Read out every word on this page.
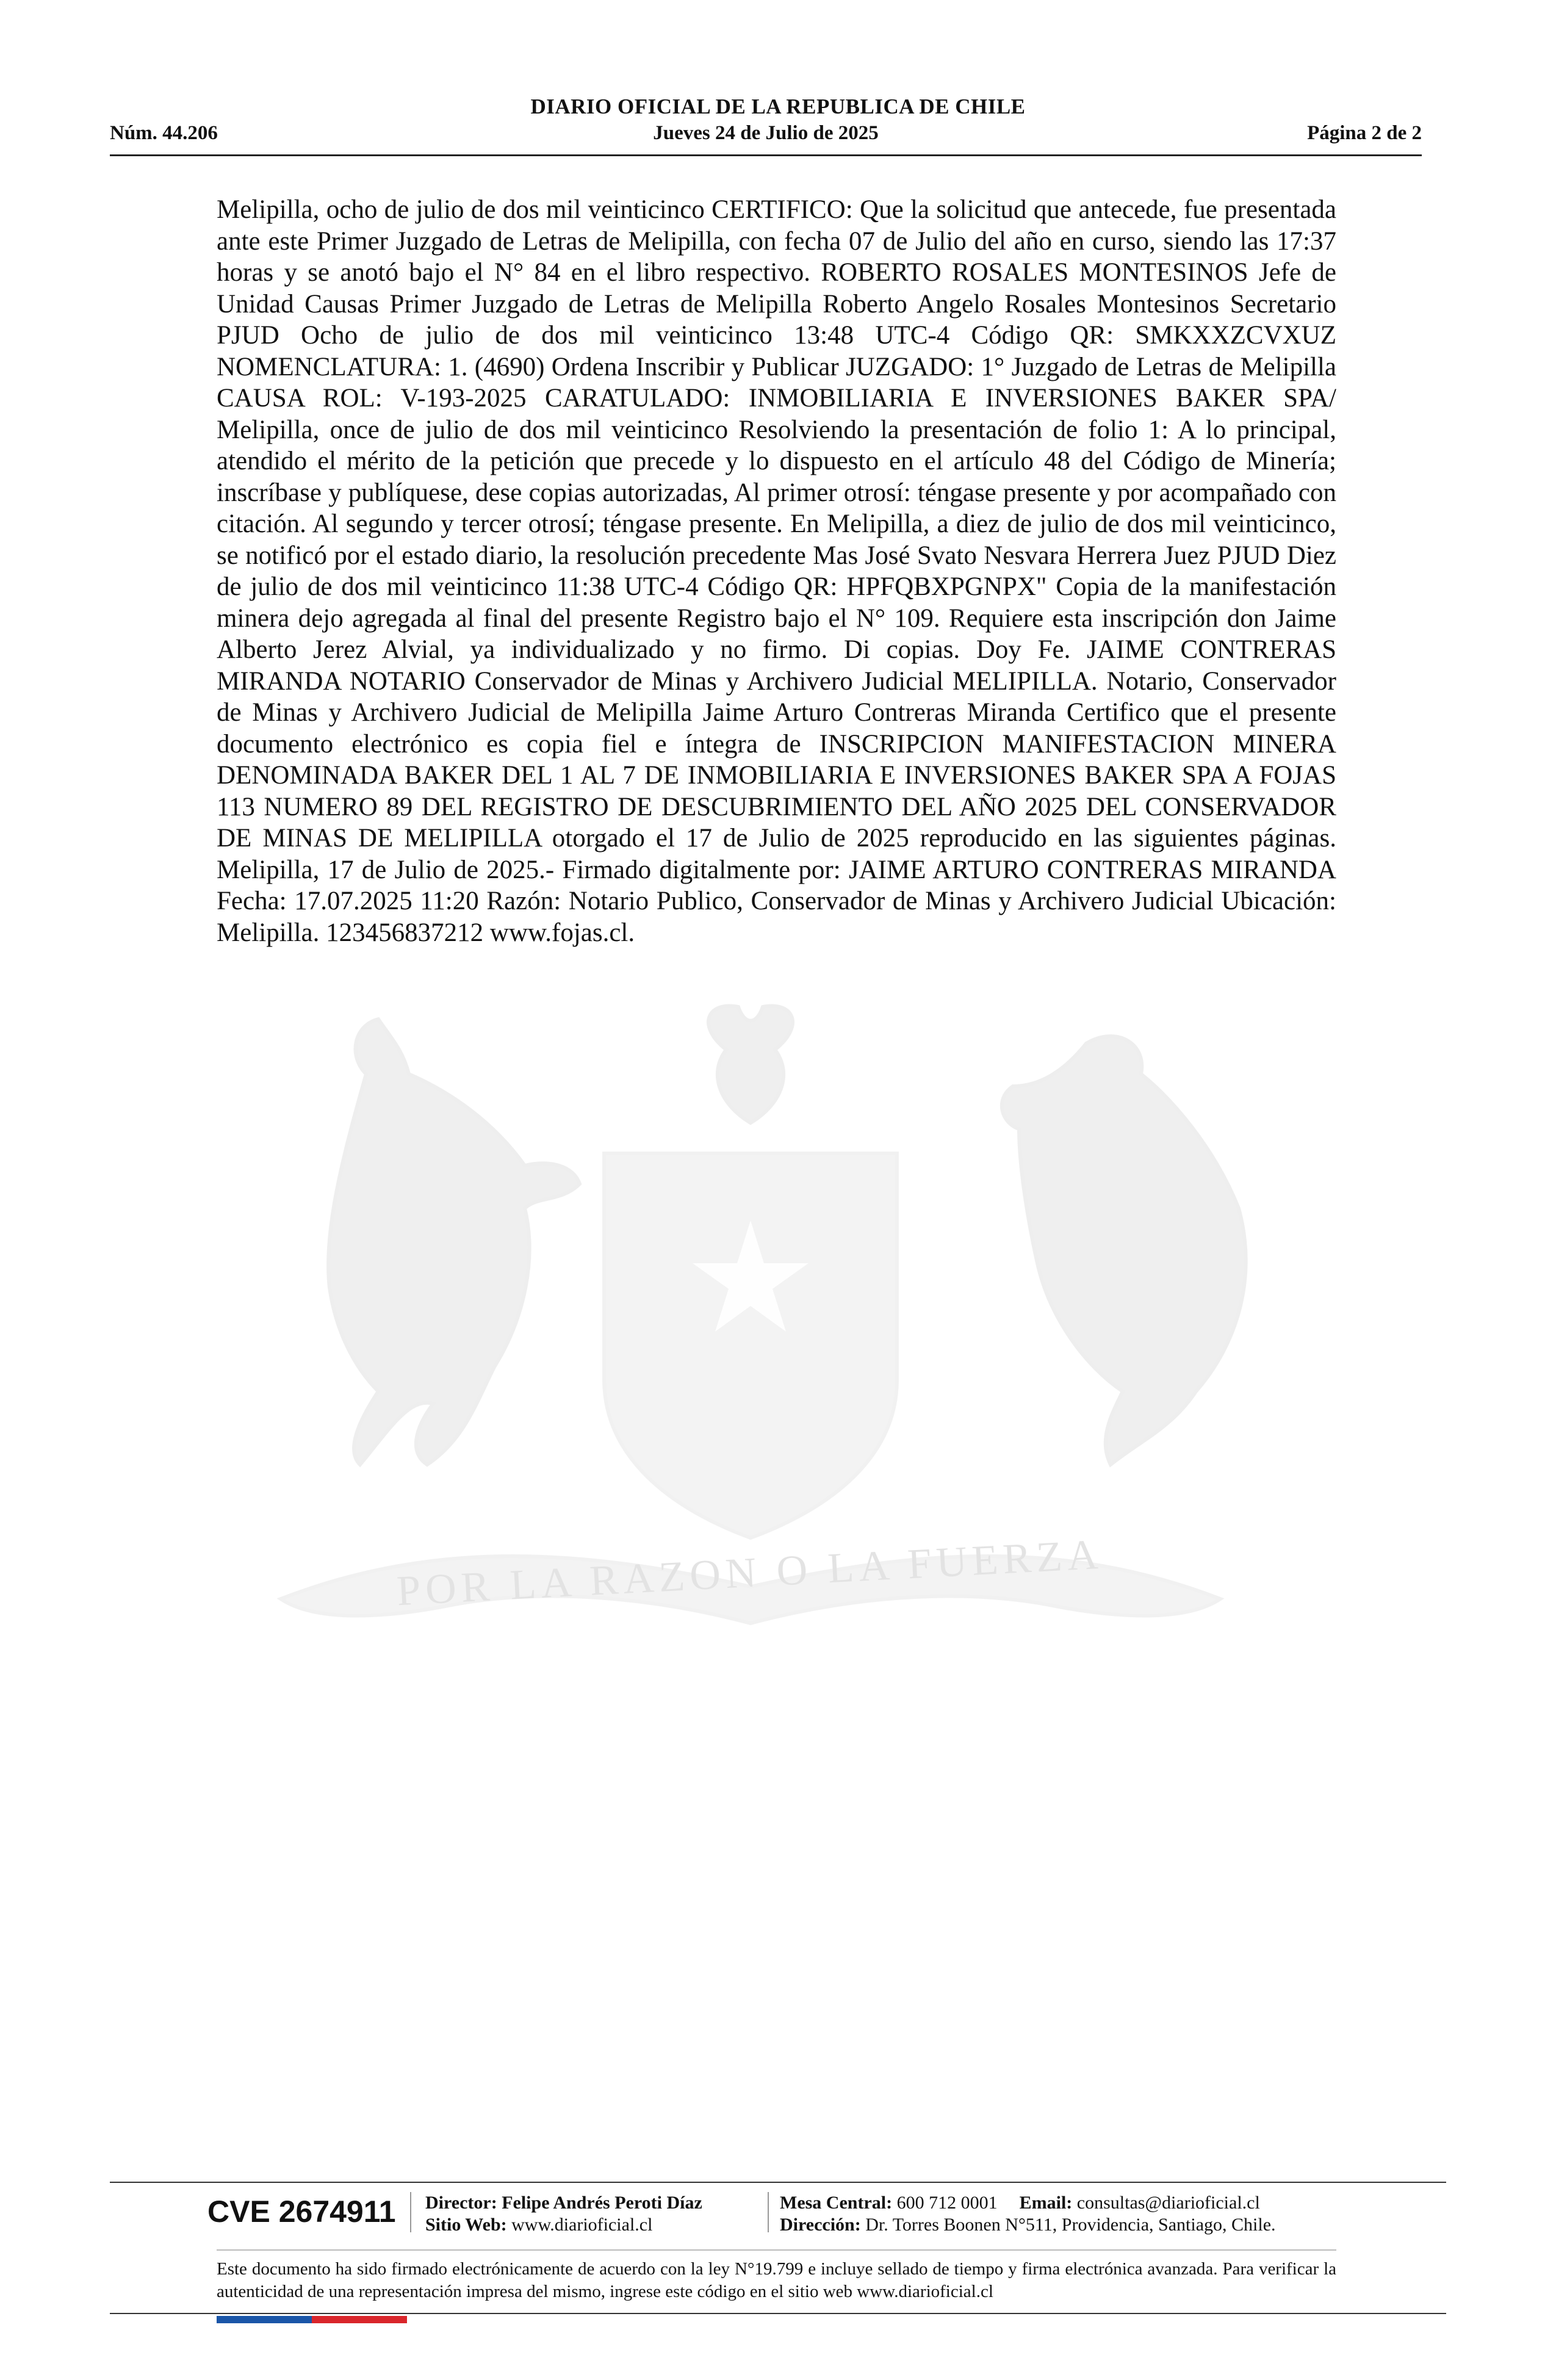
DIARIO OFICIAL DE LA REPUBLICA DE CHILE
Núm. 44.206	Jueves 24 de Julio de 2025	Página 2 de 2
POR LA RAZON O LA FUERZA

Melipilla, ocho de julio de dos mil veinticinco CERTIFICO: Que la solicitud que antecede, fue presentada ante este Primer Juzgado de Letras de Melipilla, con fecha 07 de Julio del año en curso, siendo las 17:37 horas y se anotó bajo el N° 84 en el libro respectivo. ROBERTO ROSALES MONTESINOS Jefe de Unidad Causas Primer Juzgado de Letras de Melipilla Roberto Angelo Rosales Montesinos Secretario PJUD Ocho de julio de dos mil veinticinco 13:48 UTC-4 Código QR: SMKXXZCVXUZ NOMENCLATURA: 1. (4690) Ordena Inscribir y Publicar JUZGADO: 1° Juzgado de Letras de Melipilla CAUSA ROL: V-193-2025 CARATULADO: INMOBILIARIA E INVERSIONES BAKER SPA/ Melipilla, once de julio de dos mil veinticinco Resolviendo la presentación de folio 1: A lo principal, atendido el mérito de la petición que precede y lo dispuesto en el artículo 48 del Código de Minería; inscríbase y publíquese, dese copias autorizadas, Al primer otrosí: téngase presente y por acompañado con citación. Al segundo y tercer otrosí; téngase presente. En Melipilla, a diez de julio de dos mil veinticinco, se notificó por el estado diario, la resolución precedente Mas José Svato Nesvara Herrera Juez PJUD Diez de julio de dos mil veinticinco 11:38 UTC-4 Código QR: HPFQBXPGNPX" Copia de la manifestación minera dejo agregada al final del presente Registro bajo el N° 109. Requiere esta inscripción don Jaime Alberto Jerez Alvial, ya individualizado y no firmo. Di copias. Doy Fe. JAIME CONTRERAS MIRANDA NOTARIO Conservador de Minas y Archivero Judicial MELIPILLA. Notario, Conservador de Minas y Archivero Judicial de Melipilla Jaime Arturo Contreras Miranda Certifico que el presente documento electrónico es copia fiel e íntegra de INSCRIPCION MANIFESTACION MINERA DENOMINADA BAKER DEL 1 AL 7 DE INMOBILIARIA E INVERSIONES BAKER SPA A FOJAS 113 NUMERO 89 DEL REGISTRO DE DESCUBRIMIENTO DEL AÑO 2025 DEL CONSERVADOR DE MINAS DE MELIPILLA otorgado el 17 de Julio de 2025 reproducido en las siguientes páginas. Melipilla, 17 de Julio de 2025.- Firmado digitalmente por: JAIME ARTURO CONTRERAS MIRANDA Fecha: 17.07.2025 11:20 Razón: Notario Publico, Conservador de Minas y Archivero Judicial Ubicación: Melipilla. 123456837212 www.fojas.cl.

CVE 2674911	Director: Felipe Andrés Peroti Díaz
Sitio Web: www.diarioficial.cl
Mesa Central: 600 712 0001 Email: consultas@diarioficial.cl
Dirección: Dr. Torres Boonen N°511, Providencia, Santiago, Chile.

Este documento ha sido firmado electrónicamente de acuerdo con la ley N°19.799 e incluye sellado de tiempo y firma electrónica avanzada. Para verificar la autenticidad de una representación impresa del mismo, ingrese este código en el sitio web www.diarioficial.cl
